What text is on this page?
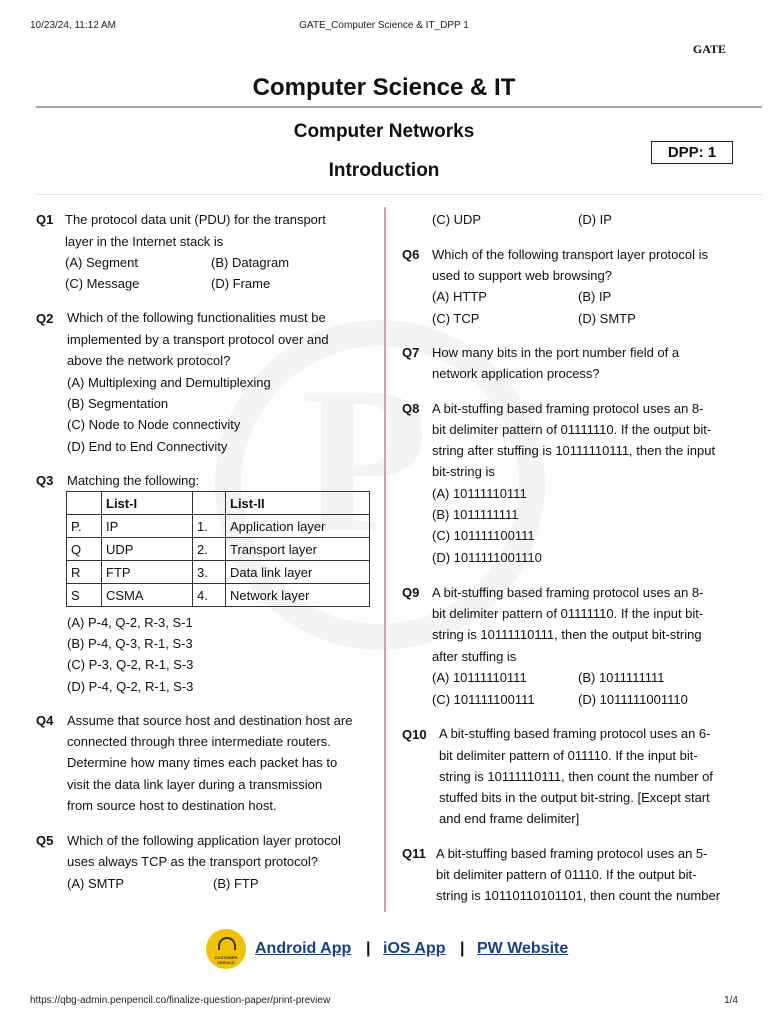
10/23/24, 11:12 AM	GATE_Computer Science & IT_DPP 1
GATE
Computer Science & IT
Computer Networks
Introduction
DPP: 1
Q1 The protocol data unit (PDU) for the transport
layer in the Internet stack is
(A) Segment	(B) Datagram
(C) Message	(D) Frame
Q2 Which of the following functionalities must be
implemented by a transport protocol over and
above the network protocol?
(A) Multiplexing and Demultiplexing
(B) Segmentation
(C) Node to Node connectivity
(D) End to End Connectivity
Q3 Matching the following:
	List-I		List-II
P.	IP	1.	Application layer
Q	UDP	2.	Transport layer
R	FTP	3.	Data link layer
S	CSMA	4.	Network layer
(A) P-4, Q-2, R-3, S-1
(B) P-4, Q-3, R-1, S-3
(C) P-3, Q-2, R-1, S-3
(D) P-4, Q-2, R-1, S-3
Q4 Assume that source host and destination host are
connected through three intermediate routers.
Determine how many times each packet has to
visit the data link layer during a transmission
from source host to destination host.
Q5 Which of the following application layer protocol
uses always TCP as the transport protocol?
(A) SMTP	(B) FTP
(C) UDP	(D) IP
Q6 Which of the following transport layer protocol is
used to support web browsing?
(A) HTTP	(B) IP
(C) TCP	(D) SMTP
Q7 How many bits in the port number field of a
network application process?
Q8 A bit-stuffing based framing protocol uses an 8-
bit delimiter pattern of 01111110. If the output bit-
string after stuffing is 10111110111, then the input
bit-string is
(A) 10111110111
(B) 1011111111
(C) 101111100111
(D) 1011111001110
Q9 A bit-stuffing based framing protocol uses an 8-
bit delimiter pattern of 01111110. If the input bit-
string is 10111110111, then the output bit-string
after stuffing is
(A) 10111110111	(B) 1011111111
(C) 101111100111	(D) 1011111001110
Q10 A bit-stuffing based framing protocol uses an 6-
bit delimiter pattern of 011110. If the input bit-
string is 10111110111, then count the number of
stuffed bits in the output bit-string. [Except start
and end frame delimiter]
Q11 A bit-stuffing based framing protocol uses an 5-
bit delimiter pattern of 01110. If the output bit-
string is 10110110101101, then count the number
CUSTOMER SERVICE
Android App | iOS App | PW Website
https://qbg-admin.penpencil.co/finalize-question-paper/print-preview	1/4
